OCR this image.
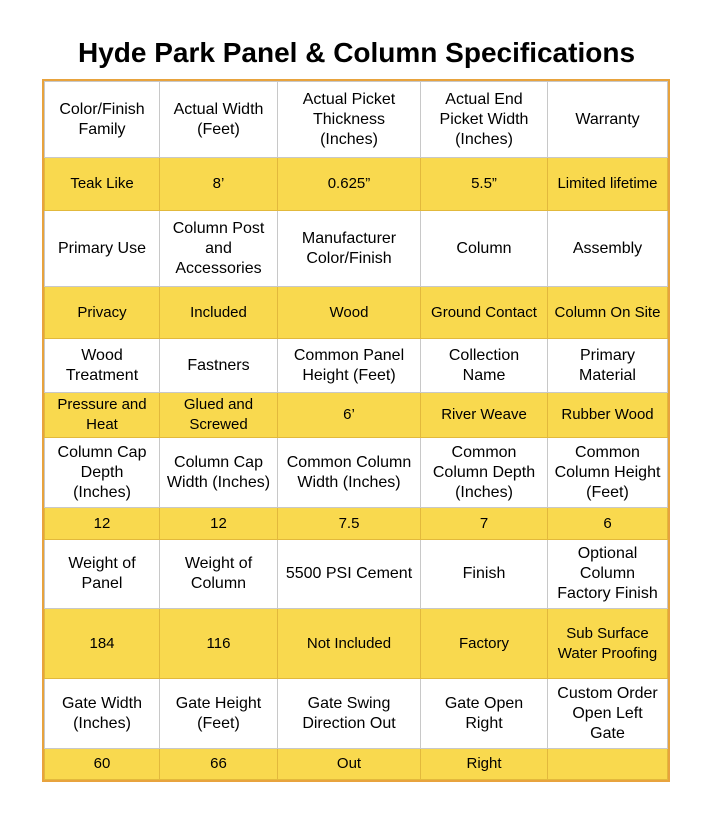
Hyde Park Panel & Column Specifications
Color/Finish Family	Actual Width (Feet)	Actual Picket Thickness (Inches)	Actual End Picket Width (Inches)	Warranty
Teak Like	8’	0.625”	5.5”	Limited lifetime
Primary Use	Column Post and Accessories	Manufacturer Color/Finish	Column	Assembly
Privacy	Included	Wood	Ground Contact	Column On Site
Wood Treatment	Fastners	Common Panel Height (Feet)	Collection Name	Primary Material
Pressure and Heat	Glued and Screwed	6’	River Weave	Rubber Wood
Column Cap Depth (Inches)	Column Cap Width (Inches)	Common Column Width (Inches)	Common Column Depth (Inches)	Common Column Height (Feet)
12	12	7.5	7	6
Weight of Panel	Weight of Column	5500 PSI Cement	Finish	Optional Column Factory Finish
184	116	Not Included	Factory	Sub Surface Water Proofing
Gate Width (Inches)	Gate Height (Feet)	Gate Swing Direction Out	Gate Open Right	Custom Order Open Left Gate
60	66	Out	Right	
